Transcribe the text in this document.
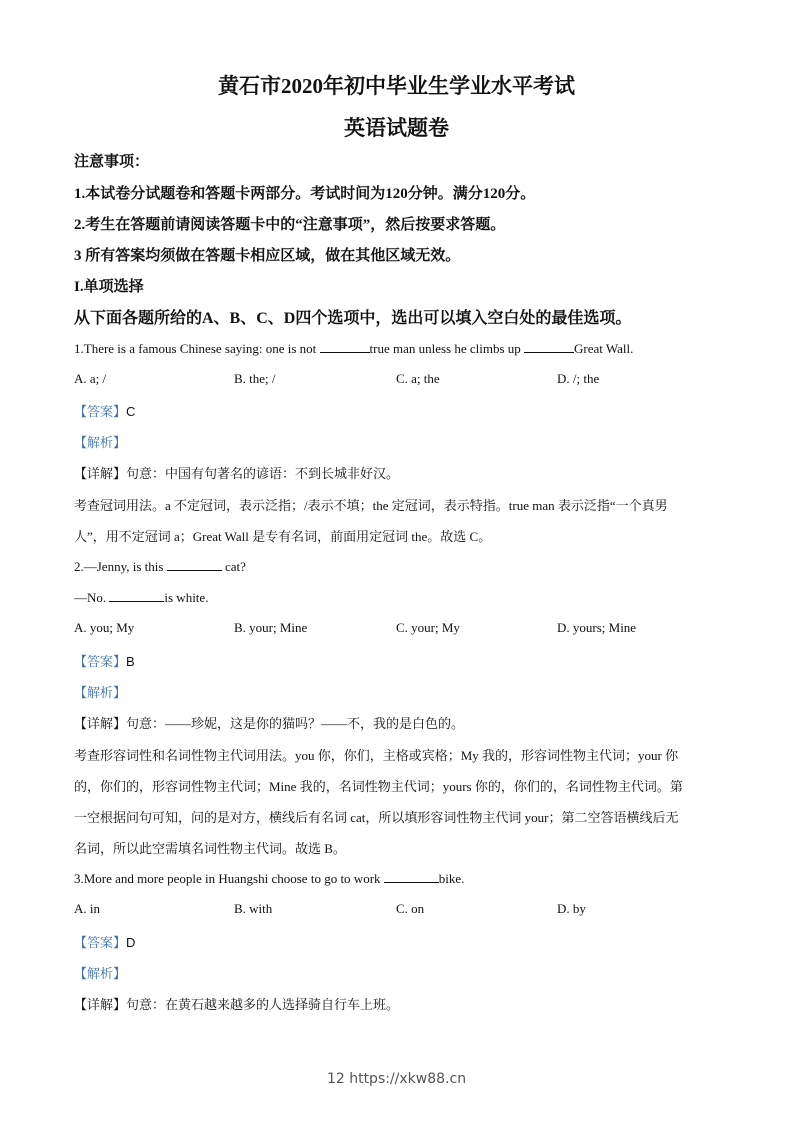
黄石市2020年初中毕业生学业水平考试
英语试题卷
注意事项：
1.本试卷分试题卷和答题卡两部分。考试时间为120分钟。满分120分。
2.考生在答题前请阅读答题卡中的“注意事项”，然后按要求答题。
3 所有答案均须做在答题卡相应区域，做在其他区域无效。
I.单项选择
从下面各题所给的A、B、C、D四个选项中，选出可以填入空白处的最佳选项。
1.There is a famous Chinese saying: one is not	true man unless he climbs up	Great Wall.
A. a; /	B. the; /	C. a; the	D. /; the
【答案】C
【解析】
【详解】句意：中国有句著名的谚语：不到长城非好汉。
考查冠词用法。a 不定冠词，表示泛指；/表示不填；the 定冠词，表示特指。true man 表示泛指“一个真男
人”，用不定冠词 a；Great Wall 是专有名词，前面用定冠词 the。故选 C。
2.—Jenny, is this	cat?
—No.	is white.
A. you; My	B. your; Mine	C. your; My	D. yours; Mine
【答案】B
【解析】
【详解】句意：——珍妮，这是你的猫吗？——不，我的是白色的。
考查形容词性和名词性物主代词用法。you 你，你们，主格或宾格；My 我的，形容词性物主代词；your 你
的，你们的，形容词性物主代词；Mine 我的，名词性物主代词；yours 你的，你们的，名词性物主代词。第
一空根据问句可知，问的是对方，横线后有名词 cat，所以填形容词性物主代词 your；第二空答语横线后无
名词，所以此空需填名词性物主代词。故选 B。
3.More and more people in Huangshi choose to go to work	bike.
A. in	B. with	C. on	D. by
【答案】D
【解析】
【详解】句意：在黄石越来越多的人选择骑自行车上班。
12 https://xkw88.cn
